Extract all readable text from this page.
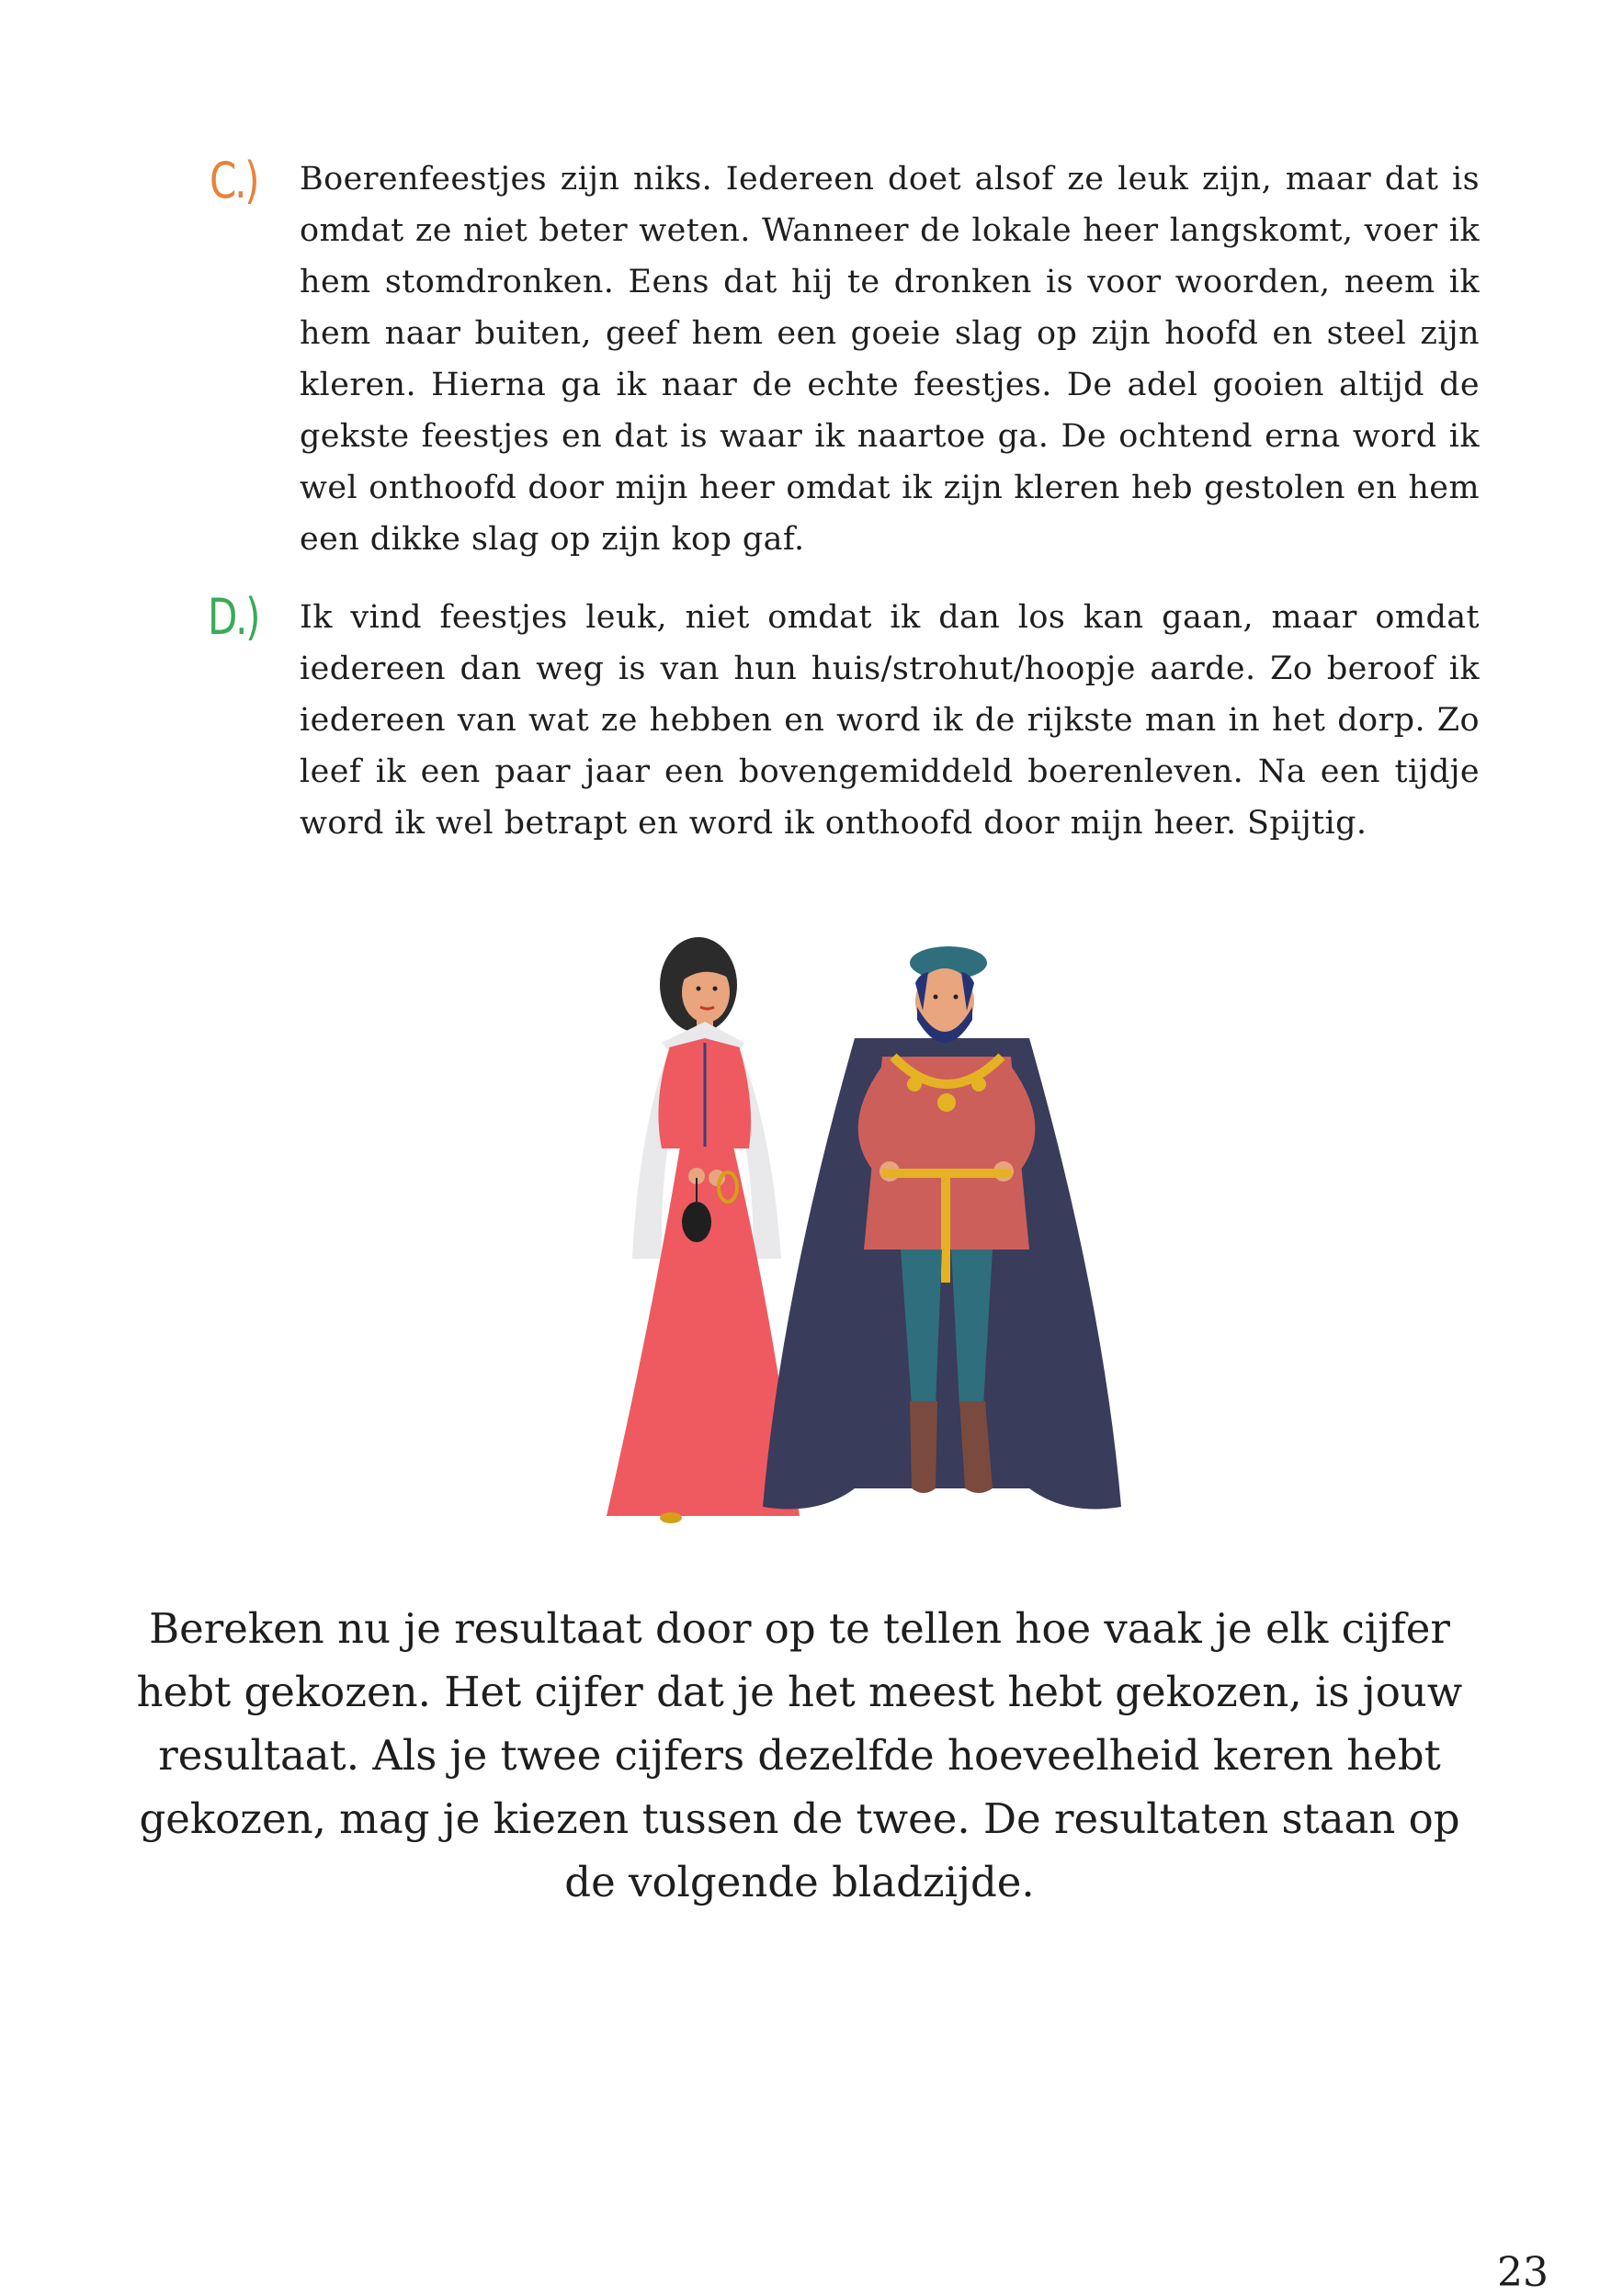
C.) Boerenfeestjes zijn niks. Iedereen doet alsof ze leuk zijn, maar dat is omdat ze niet beter weten. Wanneer de lokale heer langskomt, voer ik hem stomdronken. Eens dat hij te dronken is voor woorden, neem ik hem naar buiten, geef hem een goeie slag op zijn hoofd en steel zijn kleren. Hierna ga ik naar de echte feestjes. De adel gooien altijd de gekste feestjes en dat is waar ik naartoe ga. De ochtend erna word ik wel onthoofd door mijn heer omdat ik zijn kleren heb gestolen en hem een dikke slag op zijn kop gaf.

D.) Ik vind feestjes leuk, niet omdat ik dan los kan gaan, maar omdat iedereen dan weg is van hun huis/strohut/hoopje aarde. Zo beroof ik iedereen van wat ze hebben en word ik de rijkste man in het dorp. Zo leef ik een paar jaar een bovengemiddeld boerenleven. Na een tijdje word ik wel betrapt en word ik onthoofd door mijn heer. Spijtig.

Bereken nu je resultaat door op te tellen hoe vaak je elk cijfer hebt gekozen. Het cijfer dat je het meest hebt gekozen, is jouw resultaat. Als je twee cijfers dezelfde hoeveelheid keren hebt gekozen, mag je kiezen tussen de twee. De resultaten staan op de volgende bladzijde.

23
